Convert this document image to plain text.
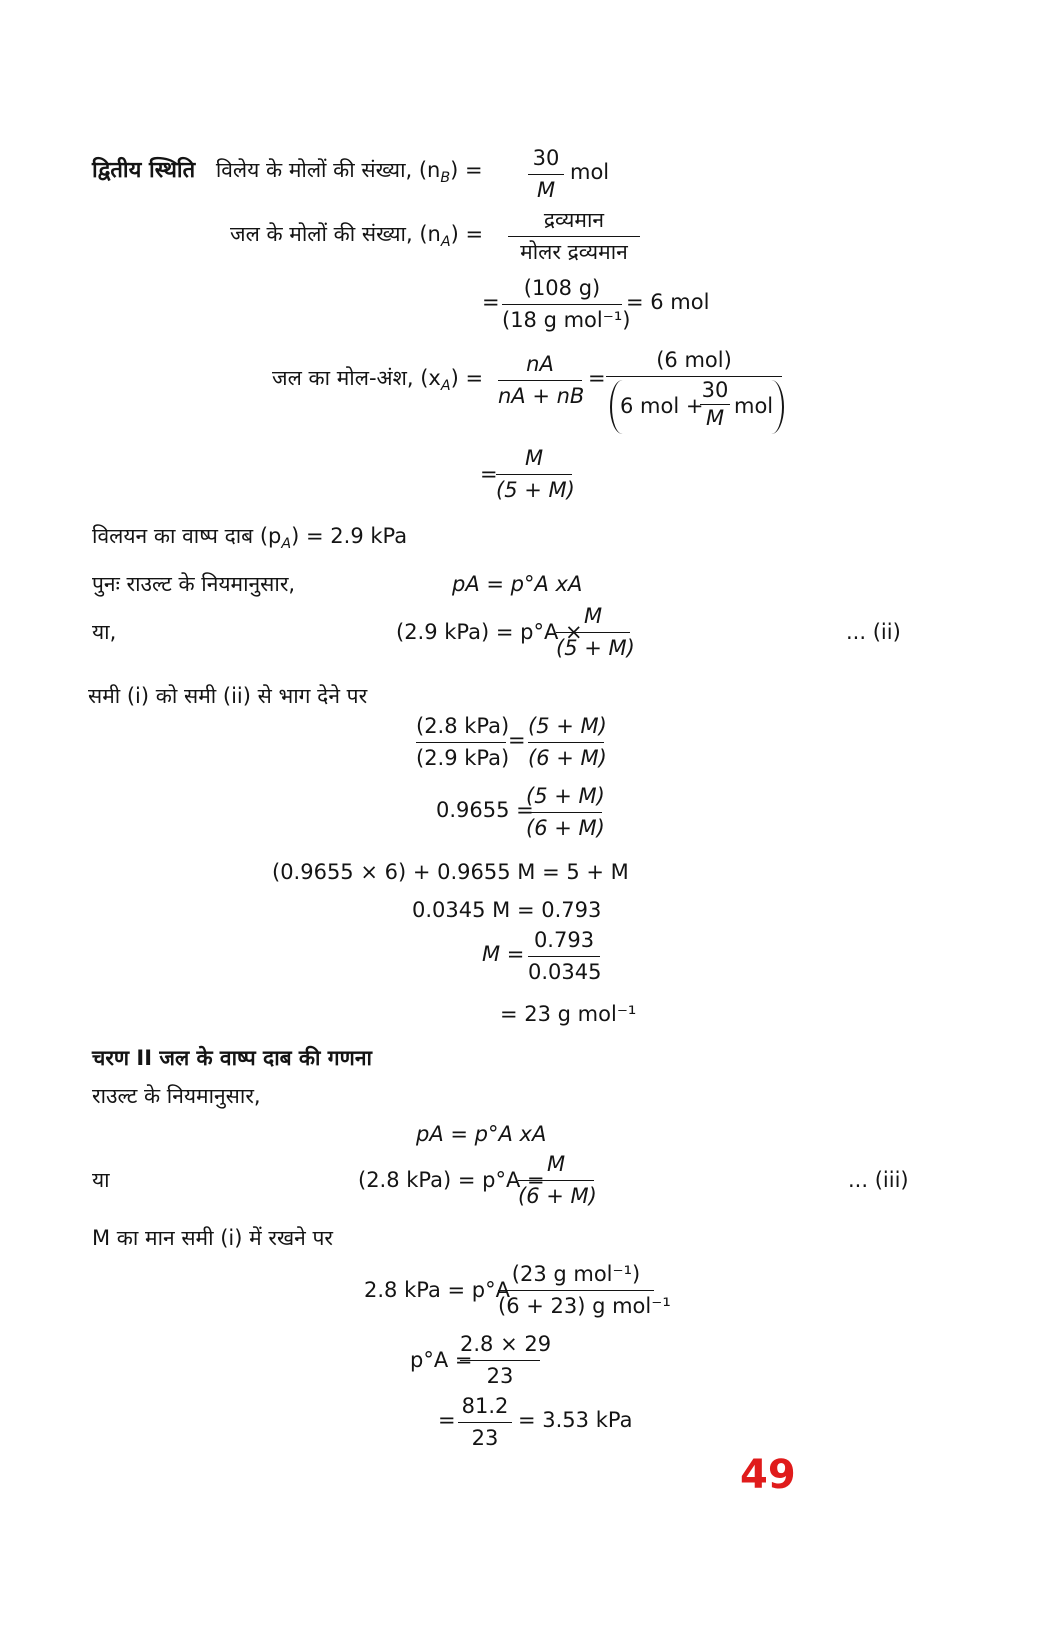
द्वितीय स्थिति विलेय के मोलों की संख्या, $(n_B) = \frac{30}{M}$ mol
जल के मोलों की संख्या, $(n_A)$ =
द्रव्यमान
मोलर द्रव्यमान
=
(108 g)
(18 g mol⁻¹)
= 6 mol
जल का मोल-अंश, $(x_A) = \frac{nA}{nA + nB}$ =
(6 mol)
6 mol +
$\frac{30}{M}$ mol
=
$\frac{M}{(5 + M)}$
विलयन का वाष्प दाब $(p_A) = 2.9$ kPa
पुनः राउल्ट के नियमानुसार,	pA = p°A xA
या,	(2.9 kPa) = p°A ×
$\frac{M}{(5 + M)}$	... (ii)
समी (i) को समी (ii) से भाग देने पर
(2.8 kPa)
(2.9 kPa)
= $\frac{(5 + M)}{(6 + M)}$
0.9655 =
$\frac{(5 + M)}{(6 + M)}$
(0.9655 × 6) + 0.9655 M = 5 + M
0.0345 M = 0.793
$M = \frac{0.793}{0.0345}$
= 23 g mol⁻¹
चरण II जल के वाष्प दाब की गणना
राउल्ट के नियमानुसार,
pA = p°A xA
या	(2.8 kPa) = p°A =
$\frac{M}{(6 + M)}$	... (iii)
M का मान समी (i) में रखने पर
2.8 kPa = p°A
(23 g mol⁻¹)
(6 + 23) g mol⁻¹
p°A =
$\frac{2.8 \times 29}{23}$
= $\frac{81.2}{23} = 3.53$ kPa
49
